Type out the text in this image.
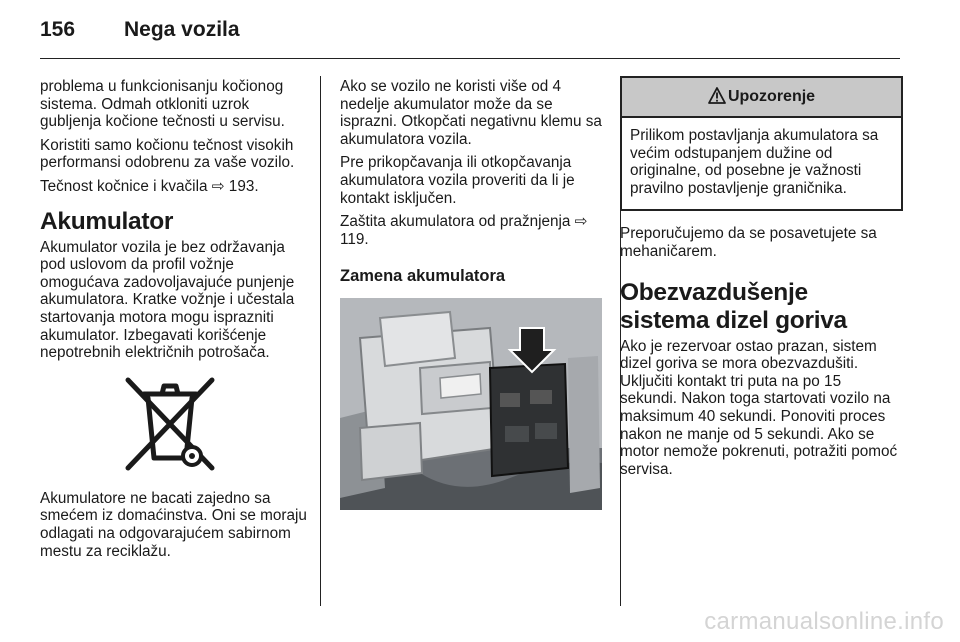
156 Nega vozila

problema u funkcionisanju kočionog sistema. Odmah otkloniti uzrok gubljenja kočione tečnosti u servisu.

Koristiti samo kočionu tečnost visokih performansi odobrenu za vaše vozilo.

Tečnost kočnice i kvačila ⇨ 193.

Akumulator

Akumulator vozila je bez održavanja pod uslovom da profil vožnje omogućava zadovoljavajuće punjenje akumulatora. Kratke vožnje i učestala startovanja motora mogu isprazniti akumulator. Izbegavati korišćenje nepotrebnih električnih potrošača.

Akumulatore ne bacati zajedno sa smećem iz domaćinstva. Oni se moraju odlagati na odgovarajućem sabirnom mestu za reciklažu.

Ako se vozilo ne koristi više od 4 nedelje akumulator može da se isprazni. Otkopčati negativnu klemu sa akumulatora vozila.

Pre prikopčavanja ili otkopčavanja akumulatora vozila proveriti da li je kontakt isključen.

Zaštita akumulatora od pražnjenja ⇨ 119.

Zamena akumulatora
Upozorenje
Prilikom postavljanja akumulatora sa većim odstupanjem dužine od originalne, od posebne je važnosti pravilno postavljenje graničnika.

Preporučujemo da se posavetujete sa mehaničarem.

Obezvazdušenje sistema dizel goriva

Ako je rezervoar ostao prazan, sistem dizel goriva se mora obezvazdušiti. Uključiti kontakt tri puta na po 15 sekundi. Nakon toga startovati vozilo na maksimum 40 sekundi. Ponoviti proces nakon ne manje od 5 sekundi. Ako se motor nemože pokrenuti, potražiti pomoć servisa.

carmanualsonline.info
